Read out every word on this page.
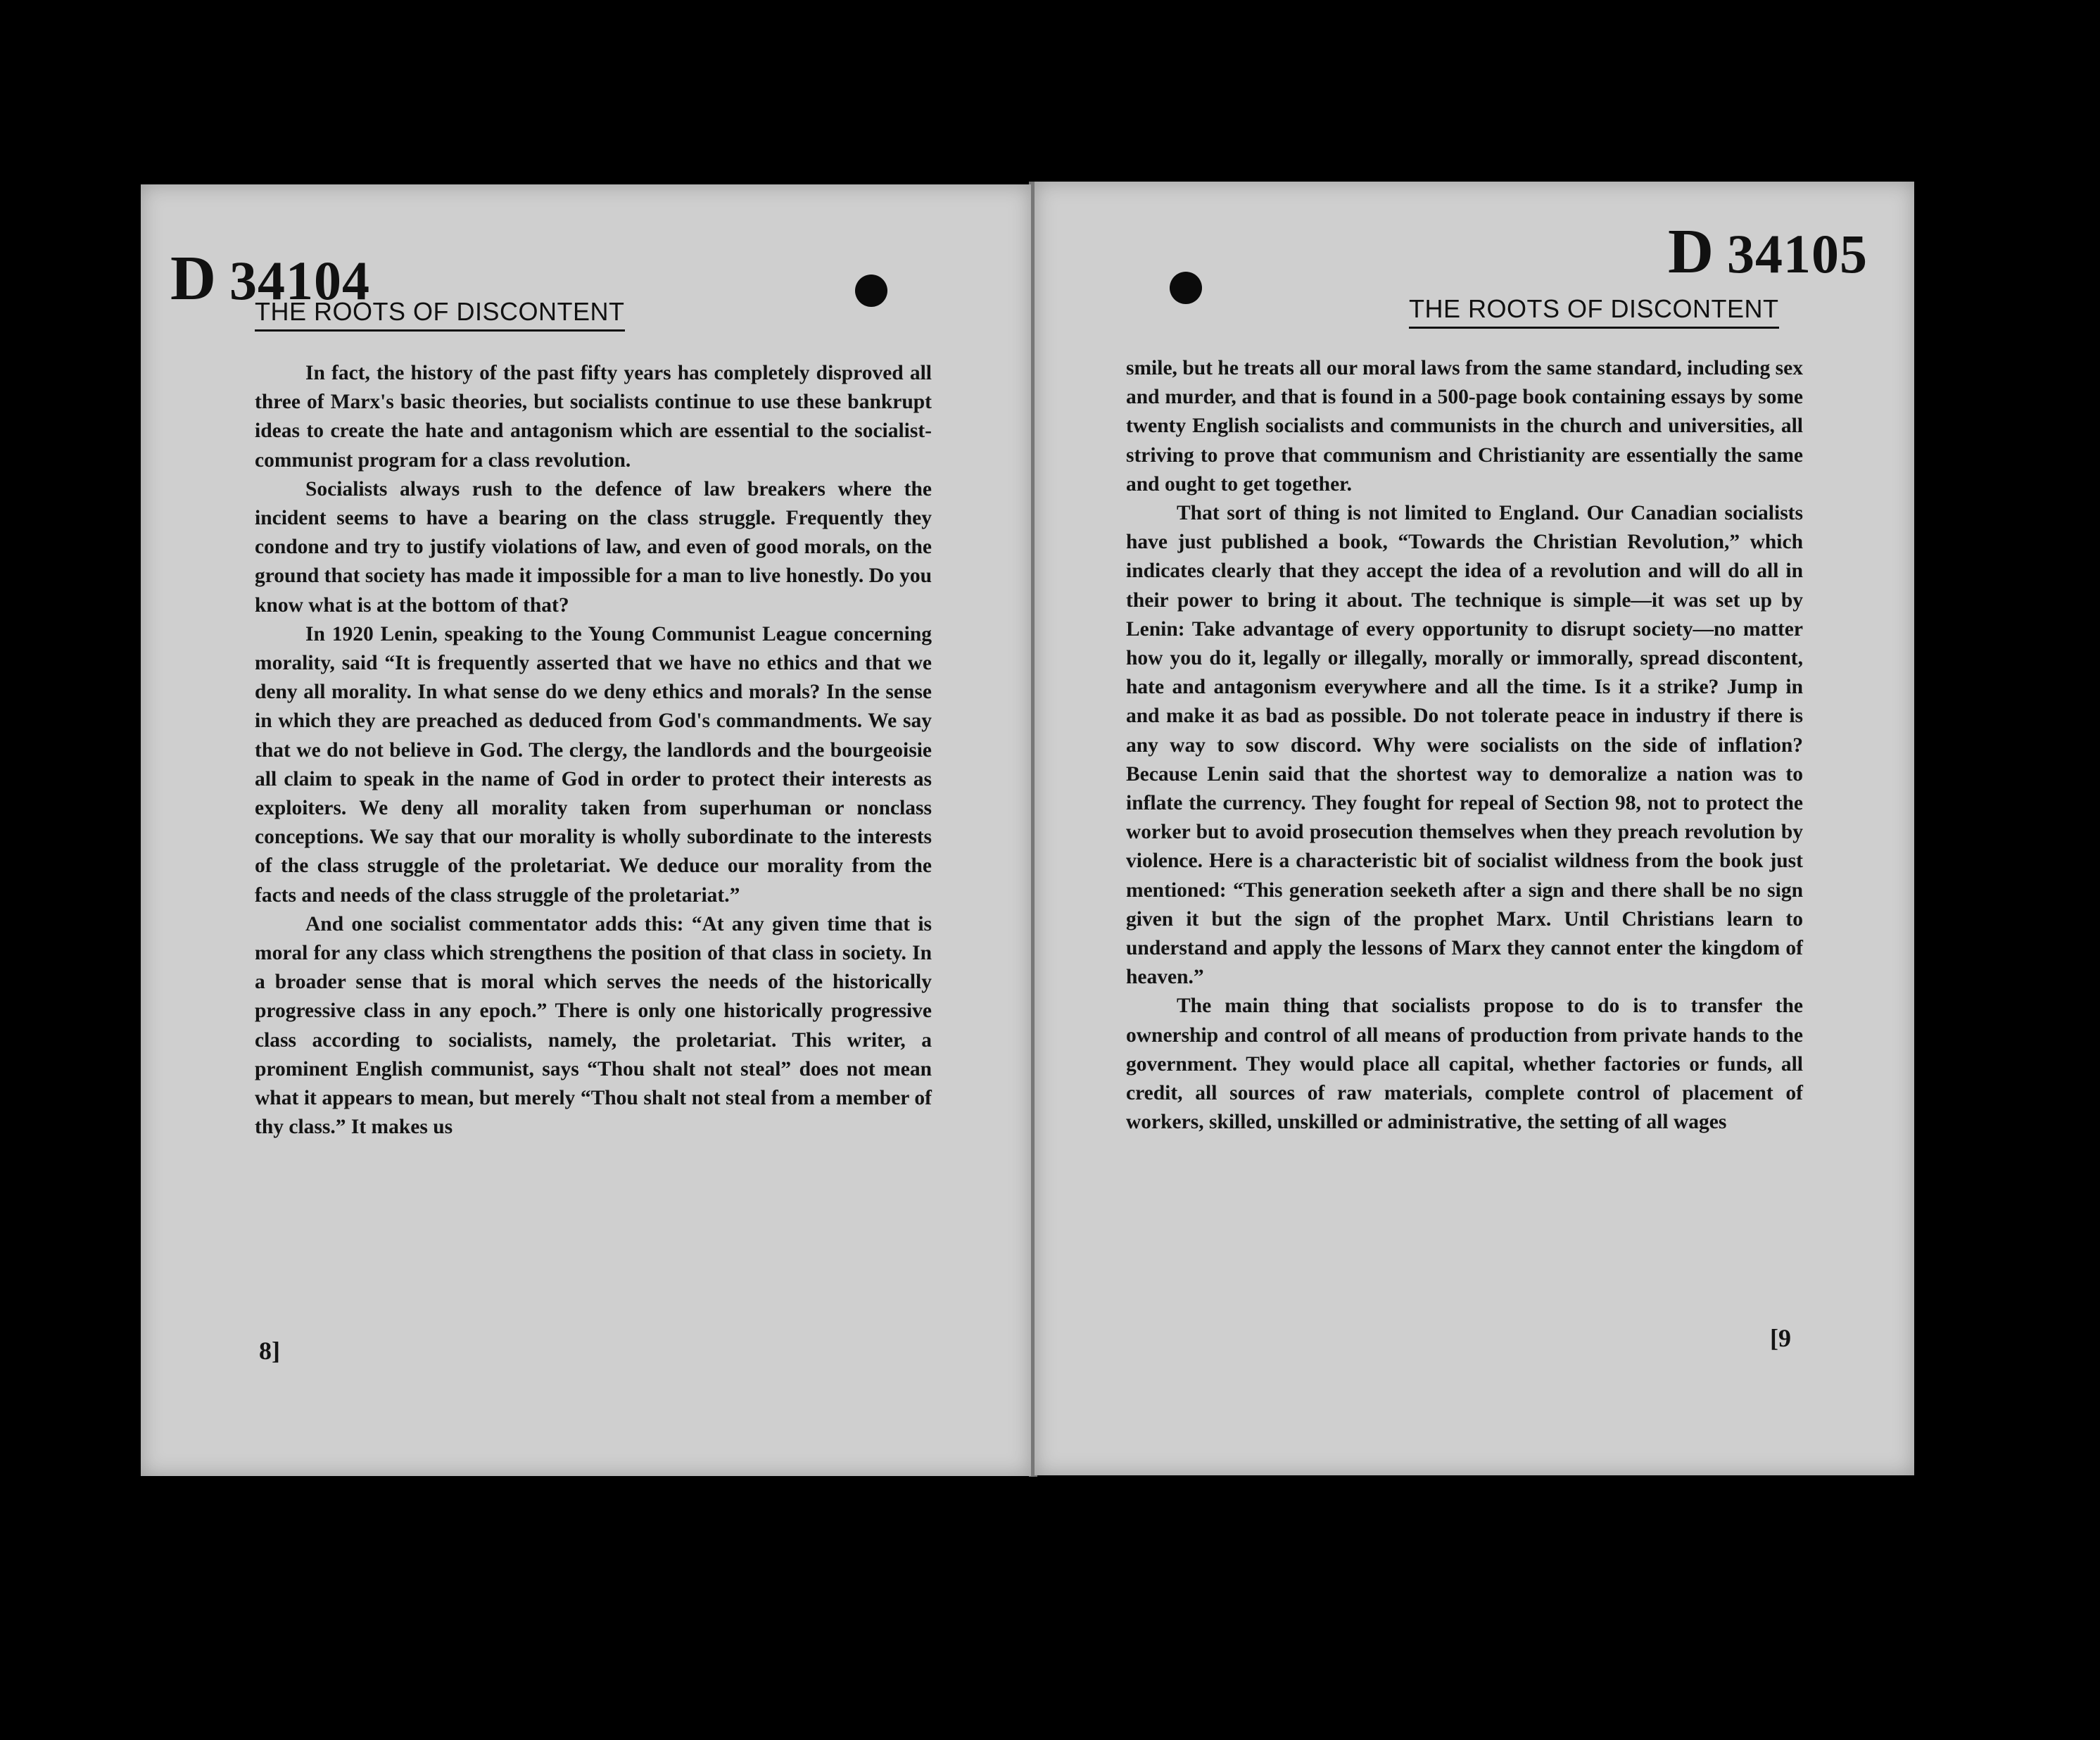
D 34104
THE ROOTS OF DISCONTENT

In fact, the history of the past fifty years has completely disproved all three of Marx's basic theories, but socialists continue to use these bankrupt ideas to create the hate and antagonism which are essential to the socialist-communist program for a class revolution.

Socialists always rush to the defence of law breakers where the incident seems to have a bearing on the class struggle. Frequently they condone and try to justify violations of law, and even of good morals, on the ground that society has made it impossible for a man to live honestly. Do you know what is at the bottom of that?

In 1920 Lenin, speaking to the Young Communist League concerning morality, said “It is frequently asserted that we have no ethics and that we deny all morality. In what sense do we deny ethics and morals? In the sense in which they are preached as deduced from God's commandments. We say that we do not believe in God. The clergy, the landlords and the bourgeoisie all claim to speak in the name of God in order to protect their interests as exploiters. We deny all morality taken from superhuman or nonclass conceptions. We say that our morality is wholly subordinate to the interests of the class struggle of the proletariat. We deduce our morality from the facts and needs of the class struggle of the proletariat.”

And one socialist commentator adds this: “At any given time that is moral for any class which strengthens the position of that class in society. In a broader sense that is moral which serves the needs of the historically progressive class in any epoch.” There is only one historically progressive class according to socialists, namely, the proletariat. This writer, a prominent English communist, says “Thou shalt not steal” does not mean what it appears to mean, but merely “Thou shalt not steal from a member of thy class.” It makes us

8]
D 34105
THE ROOTS OF DISCONTENT

smile, but he treats all our moral laws from the same standard, including sex and murder, and that is found in a 500-page book containing essays by some twenty English socialists and communists in the church and universities, all striving to prove that communism and Christianity are essentially the same and ought to get together.

That sort of thing is not limited to England. Our Canadian socialists have just published a book, “Towards the Christian Revolution,” which indicates clearly that they accept the idea of a revolution and will do all in their power to bring it about. The technique is simple—it was set up by Lenin: Take advantage of every opportunity to disrupt society—no matter how you do it, legally or illegally, morally or immorally, spread discontent, hate and antagonism everywhere and all the time. Is it a strike? Jump in and make it as bad as possible. Do not tolerate peace in industry if there is any way to sow discord. Why were socialists on the side of inflation? Because Lenin said that the shortest way to demoralize a nation was to inflate the currency. They fought for repeal of Section 98, not to protect the worker but to avoid prosecution themselves when they preach revolution by violence. Here is a characteristic bit of socialist wildness from the book just mentioned: “This generation seeketh after a sign and there shall be no sign given it but the sign of the prophet Marx. Until Christians learn to understand and apply the lessons of Marx they cannot enter the kingdom of heaven.”

The main thing that socialists propose to do is to transfer the ownership and control of all means of production from private hands to the government. They would place all capital, whether factories or funds, all credit, all sources of raw materials, complete control of placement of workers, skilled, unskilled or administrative, the setting of all wages

[9
